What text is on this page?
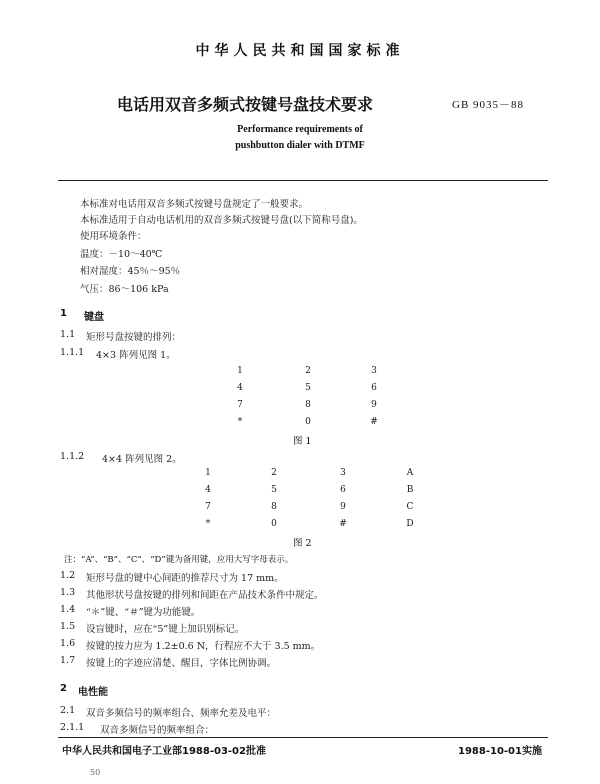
中华人民共和国国家标准
电话用双音多频式按键号盘技术要求	GB 9035－88
Performance requirements of
pushbutton dialer with DTMF
本标准对电话用双音多频式按键号盘规定了一般要求。
本标准适用于自动电话机用的双音多频式按键号盘(以下简称号盘)。
使用环境条件：
温度：－10～40℃
相对湿度：45％～95％
气压：86～106 kPa
1 键盘
1.1 矩形号盘按键的排列：
1.1.1 4×3 阵列见图 1。
1	2	3
4	5	6
7	8	9
*	0	#
图 1
1.1.2 4×4 阵列见图 2。
1	2	3	A
4	5	6	B
7	8	9	C
*	0	#	D
图 2
注：“A”、“B”、“C”、“D”键为备用键，应用大写字母表示。
1.2 矩形号盘的键中心间距的推荐尺寸为 17 mm。
1.3 其他形状号盘按键的排列和间距在产品技术条件中规定。
1.4 “＊”键、“＃”键为功能键。
1.5 设盲键时，应在“5”键上加识别标记。
1.6 按键的按力应为 1.2±0.6 N，行程应不大于 3.5 mm。
1.7 按键上的字迹应清楚、醒目，字体比例协调。
2 电性能
2.1 双音多频信号的频率组合、频率允差及电平：
2.1.1 双音多频信号的频率组合：
中华人民共和国电子工业部1988-03-02批准	1988-10-01实施
50
